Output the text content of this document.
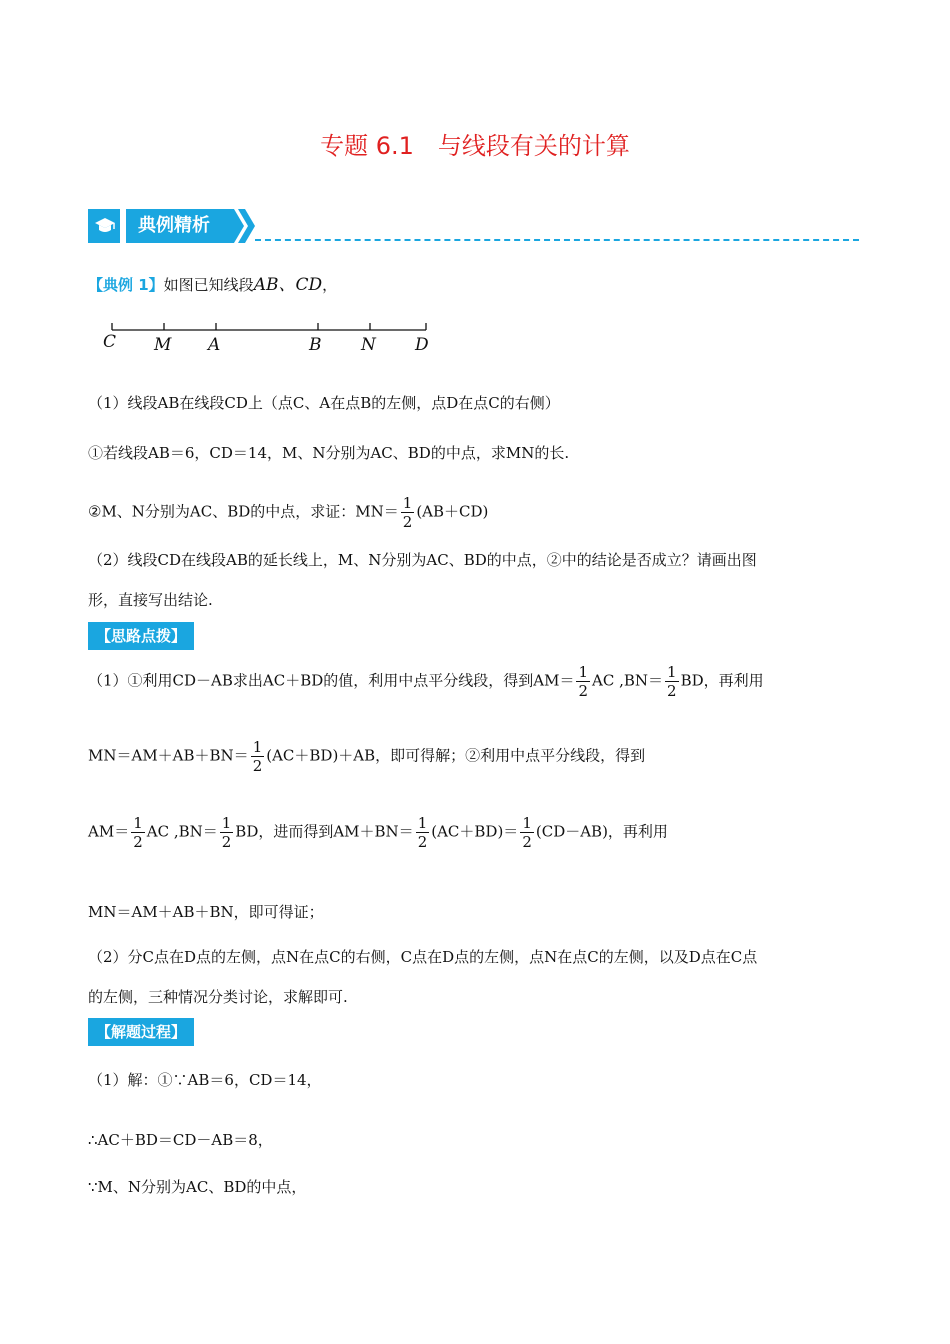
专题 6.1　与线段有关的计算
典例精析
【典例 1】如图已知线段AB、CD，
C M A	B N D
（1）线段AB在线段CD上（点C、A在点B的左侧，点D在点C的右侧）
①若线段AB＝6，CD＝14，M、N分别为AC、BD的中点，求MN的长.
②M、N分别为AC、BD的中点，求证：$MN= \frac{1}{2} (AB+CD)$
（2）线段CD在线段AB的延长线上，M、N分别为AC、BD的中点，②中的结论是否成立？请画出图
形，直接写出结论.
【思路点拨】
（1）①利用CD－AB求出AC＋BD的值，利用中点平分线段，得到$AM= \frac{1}{2}$ AC $,BN= \frac{1}{2}$ BD，再利用
$MN=AM+AB+BN= \frac{1}{2} (AC+BD)+AB$，即可得解；②利用中点平分线段，得到
$AM= \frac{1}{2}$ AC $,BN= \frac{1}{2}$ BD，进而得到$AM+BN= \frac{1}{2} (AC+BD)= \frac{1}{2} (CD-AB)$，再利用
MN＝AM＋AB＋BN，即可得证；
（2）分C点在D点的左侧，点N在点C的右侧，C点在D点的左侧，点N在点C的左侧，以及D点在C点
的左侧，三种情况分类讨论，求解即可.
【解题过程】
（1）解：①∵AB＝6，CD＝14，
∴AC＋BD＝CD－AB＝8，
∵M、N分别为AC、BD的中点，
